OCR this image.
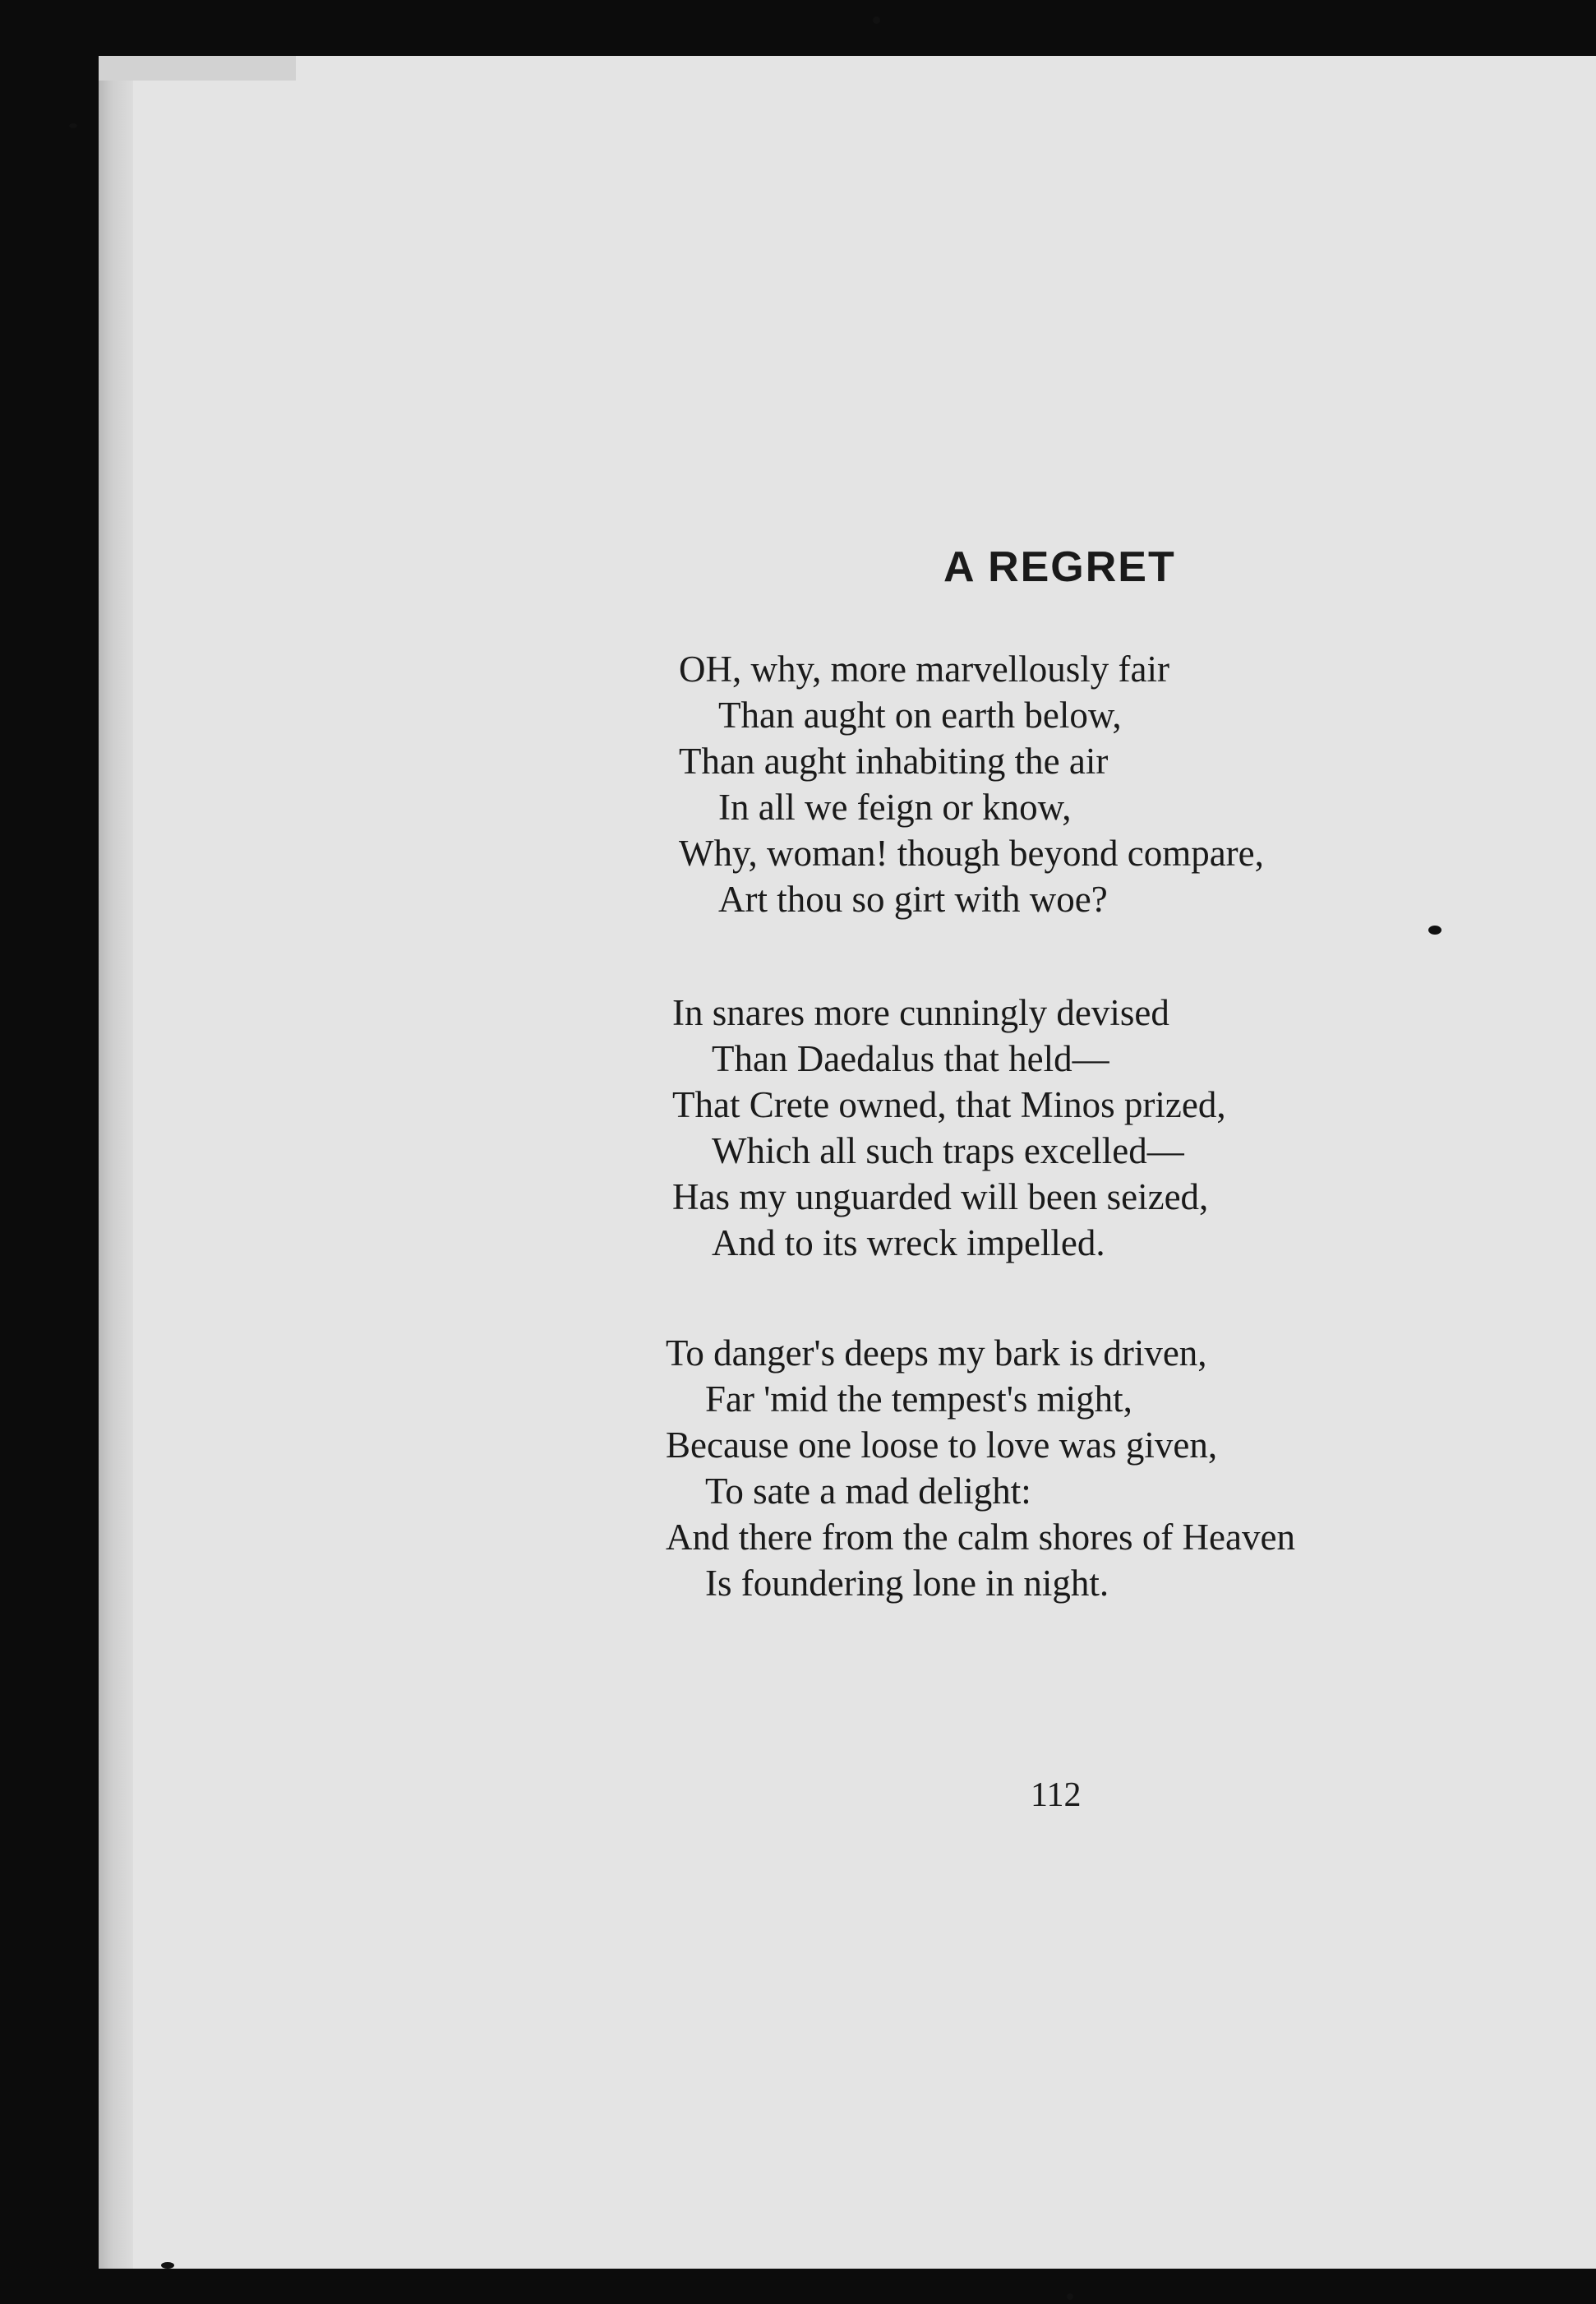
A REGRET
OH, why, more marvellously fair
Than aught on earth below,
Than aught inhabiting the air
In all we feign or know,
Why, woman! though beyond compare,
Art thou so girt with woe?
In snares more cunningly devised
Than Daedalus that held—
That Crete owned, that Minos prized,
Which all such traps excelled—
Has my unguarded will been seized,
And to its wreck impelled.
To danger's deeps my bark is driven,
Far 'mid the tempest's might,
Because one loose to love was given,
To sate a mad delight:
And there from the calm shores of Heaven
Is foundering lone in night.

112
